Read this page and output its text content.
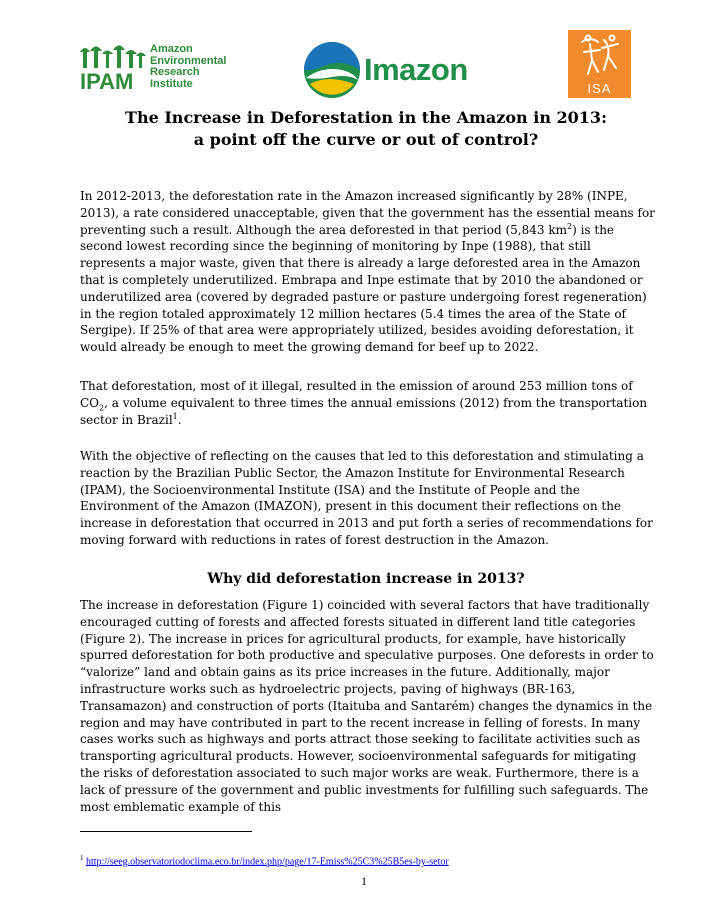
IPAM
Amazon
Environmental
Research
Institute	Imazon
ISA
The Increase in Deforestation in the Amazon in 2013:
a point off the curve or out of control?

In 2012-2013, the deforestation rate in the Amazon increased significantly by 28% (INPE, 2013), a rate considered unacceptable, given that the government has the essential means for preventing such a result. Although the area deforested in that period (5,843 km$^2$) is the second lowest recording since the beginning of monitoring by Inpe (1988), that still represents a major waste, given that there is already a large deforested area in the Amazon that is completely underutilized. Embrapa and Inpe estimate that by 2010 the abandoned or underutilized area (covered by degraded pasture or pasture undergoing forest regeneration) in the region totaled approximately 12 million hectares (5.4 times the area of the State of Sergipe). If 25% of that area were appropriately utilized, besides avoiding deforestation, it would already be enough to meet the growing demand for beef up to 2022.

That deforestation, most of it illegal, resulted in the emission of around 253 million tons of $CO_2$, a volume equivalent to three times the annual emissions (2012) from the transportation sector in Brazil$^1$.

With the objective of reflecting on the causes that led to this deforestation and stimulating a reaction by the Brazilian Public Sector, the Amazon Institute for Environmental Research (IPAM), the Socioenvironmental Institute (ISA) and the Institute of People and the Environment of the Amazon (IMAZON), present in this document their reflections on the increase in deforestation that occurred in 2013 and put forth a series of recommendations for moving forward with reductions in rates of forest destruction in the Amazon.

Why did deforestation increase in 2013?

The increase in deforestation (Figure 1) coincided with several factors that have traditionally encouraged cutting of forests and affected forests situated in different land title categories (Figure 2). The increase in prices for agricultural products, for example, have historically spurred deforestation for both productive and speculative purposes. One deforests in order to “valorize” land and obtain gains as its price increases in the future. Additionally, major infrastructure works such as hydroelectric projects, paving of highways (BR-163, Transamazon) and construction of ports (Itaituba and Santarém) changes the dynamics in the region and may have contributed in part to the recent increase in felling of forests. In many cases works such as highways and ports attract those seeking to facilitate activities such as transporting agricultural products. However, socioenvironmental safeguards for mitigating the risks of deforestation associated to such major works are weak. Furthermore, there is a lack of pressure of the government and public investments for fulfilling such safeguards. The most emblematic example of this

$^1$ http://seeg.observatoriodoclima.eco.br/index.php/page/17-Emiss%25C3%25B5es-by-setor
1
